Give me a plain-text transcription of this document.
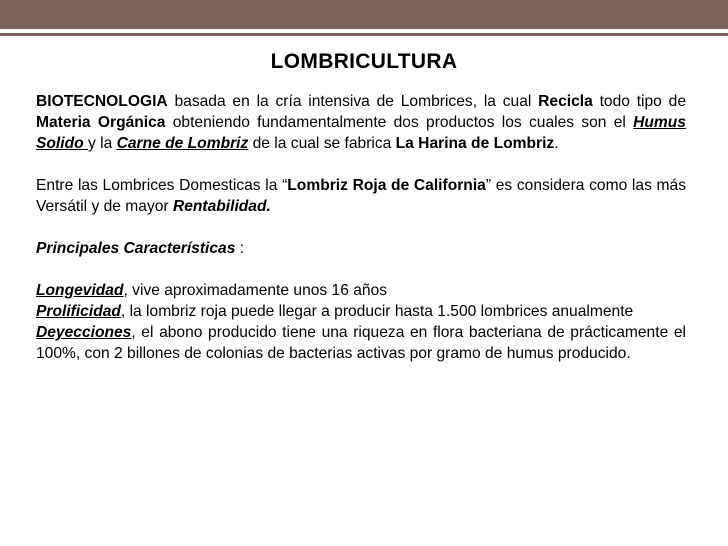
LOMBRICULTURA

BIOTECNOLOGIA basada en la cría intensiva de Lombrices, la cual Recicla todo tipo de Materia Orgánica obteniendo fundamentalmente dos productos los cuales son el Humus Solido y la Carne de Lombriz de la cual se fabrica La Harina de Lombriz.

Entre las Lombrices Domesticas la “Lombriz Roja de California” es considera como las más Versátil y de mayor Rentabilidad.

Principales Características :

Longevidad, vive aproximadamente unos 16 años

Prolificidad, la lombriz roja puede llegar a producir hasta 1.500 lombrices anualmente

Deyecciones, el abono producido tiene una riqueza en flora bacteriana de prácticamente el 100%, con 2 billones de colonias de bacterias activas por gramo de humus producido.
